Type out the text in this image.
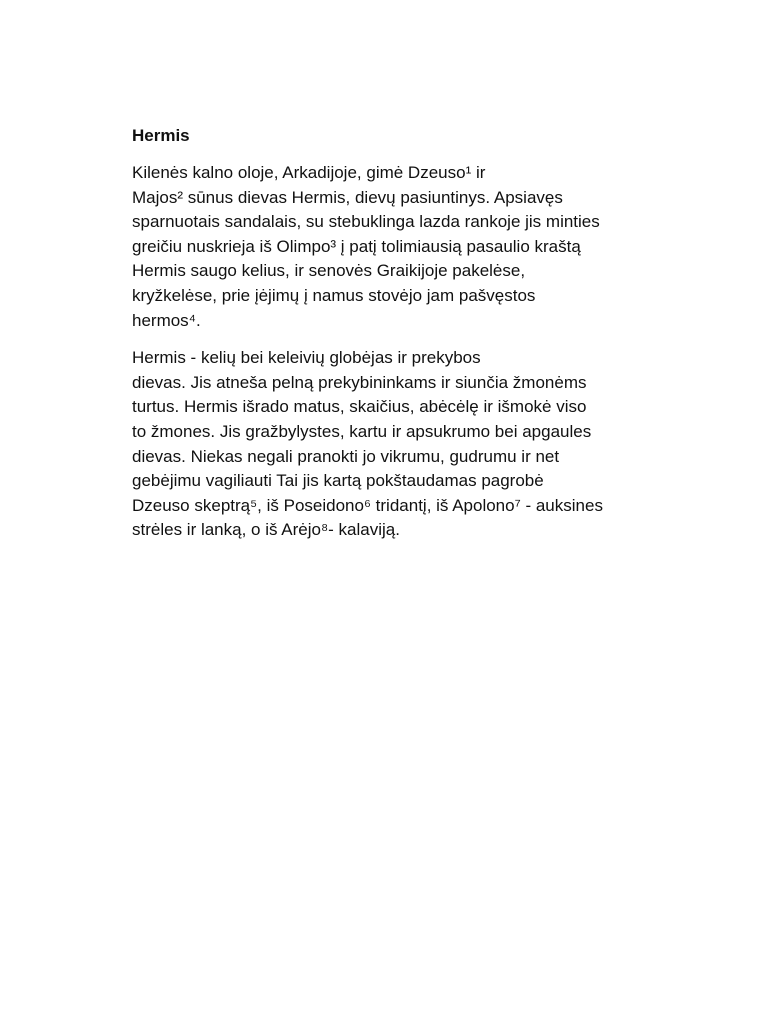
Hermis
Kilenės kalno oloje, Arkadijoje, gimė Dzeuso¹ ir
Majos² sūnus dievas Hermis, dievų pasiuntinys. Apsiavęs
sparnuotais sandalais, su stebuklinga lazda rankoje jis minties
greičiu nuskrieja iš Olimpo³ į patį tolimiausią pasaulio kraštą
Hermis saugo kelius, ir senovės Graikijoje pakelėse,
kryžkelėse, prie įėjimų į namus stovėjo jam pašvęstos
hermos⁴.
Hermis - kelių bei keleivių globėjas ir prekybos
dievas. Jis atneša pelną prekybininkams ir siunčia žmonėms
turtus. Hermis išrado matus, skaičius, abėcėlę ir išmokė viso
to žmones. Jis gražbylystes, kartu ir apsukrumo bei apgaules
dievas. Niekas negali pranokti jo vikrumu, gudrumu ir net
gebėjimu vagiliauti Tai jis kartą pokštaudamas pagrobė
Dzeuso skeptrą⁵, iš Poseidono⁶ tridantį, iš Apolono⁷ - auksines
strėles ir lanką, o iš Arėjo⁸- kalaviją.
